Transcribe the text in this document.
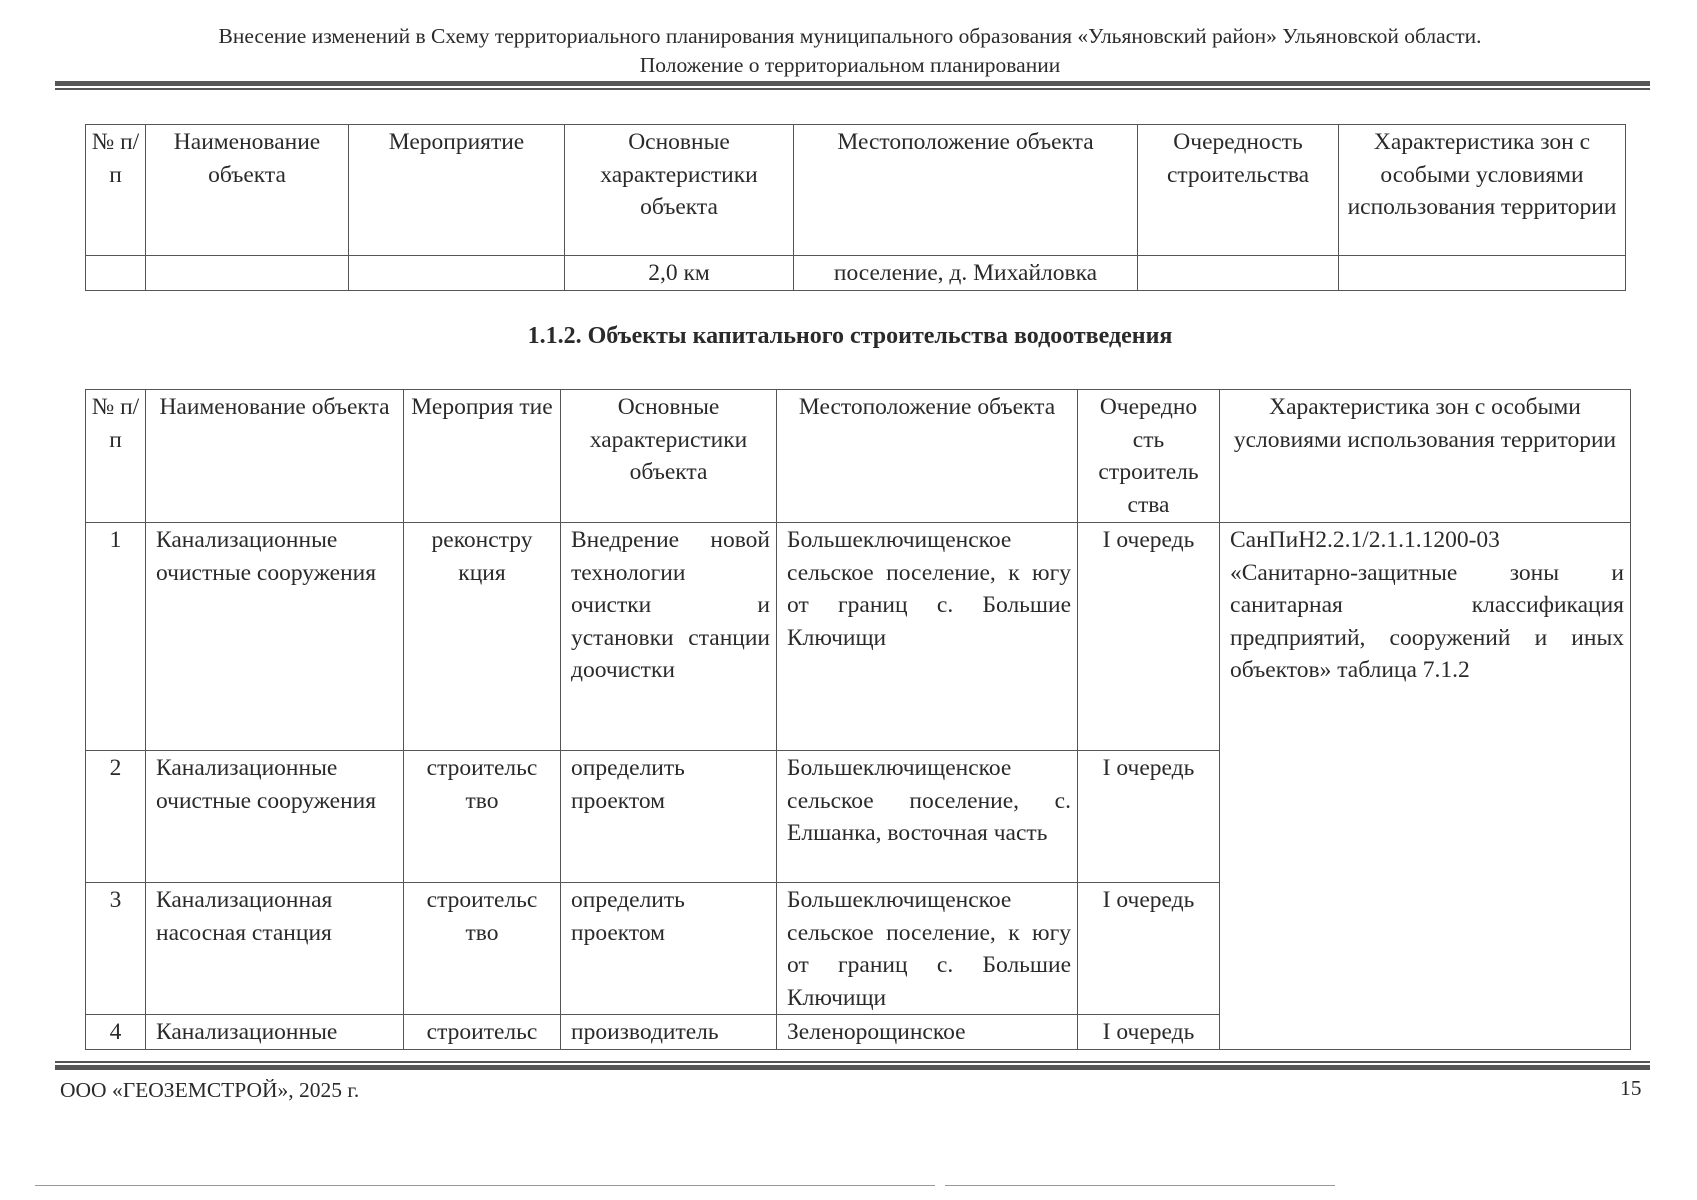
Внесение изменений в Схему территориального планирования муниципального образования «Ульяновский район» Ульяновской области.
Положение о территориальном планировании
№ п/ п	Наименование объекта	Мероприятие	Основные характеристики объекта	Местоположение объекта	Очередность строительства	Характеристика зон с особыми условиями использования территории
			2,0 км	поселение, д. Михайловка		
1.1.2. Объекты капитального строительства водоотведения
№ п/ п	Наименование объекта	Мероприя тие	Основные характеристики объекта	Местоположение объекта	Очередно сть строитель ства	Характеристика зон с особыми условиями использования территории
1	Канализационные очистные сооружения	реконстру кция	Внедрение новой технологии очистки и установки станции доочистки	Большеключищенское сельское поселение, к югу от границ с. Большие Ключищи	I очередь	СанПиН2.2.1/2.1.1.1200-03 «Санитарно-защитные зоны и санитарная классификация предприятий, сооружений и иных объектов» таблица 7.1.2
2	Канализационные очистные сооружения	строительс тво	определить проектом	Большеключищенское сельское поселение, с. Елшанка, восточная часть	I очередь	
3	Канализационная насосная станция	строительс тво	определить проектом	Большеключищенское сельское поселение, к югу от границ с. Большие Ключищи	I очередь	
4	Канализационные	строительс	производитель	Зеленорощинское	I очередь	
ООО «ГЕОЗЕМСТРОЙ», 2025 г.	15
